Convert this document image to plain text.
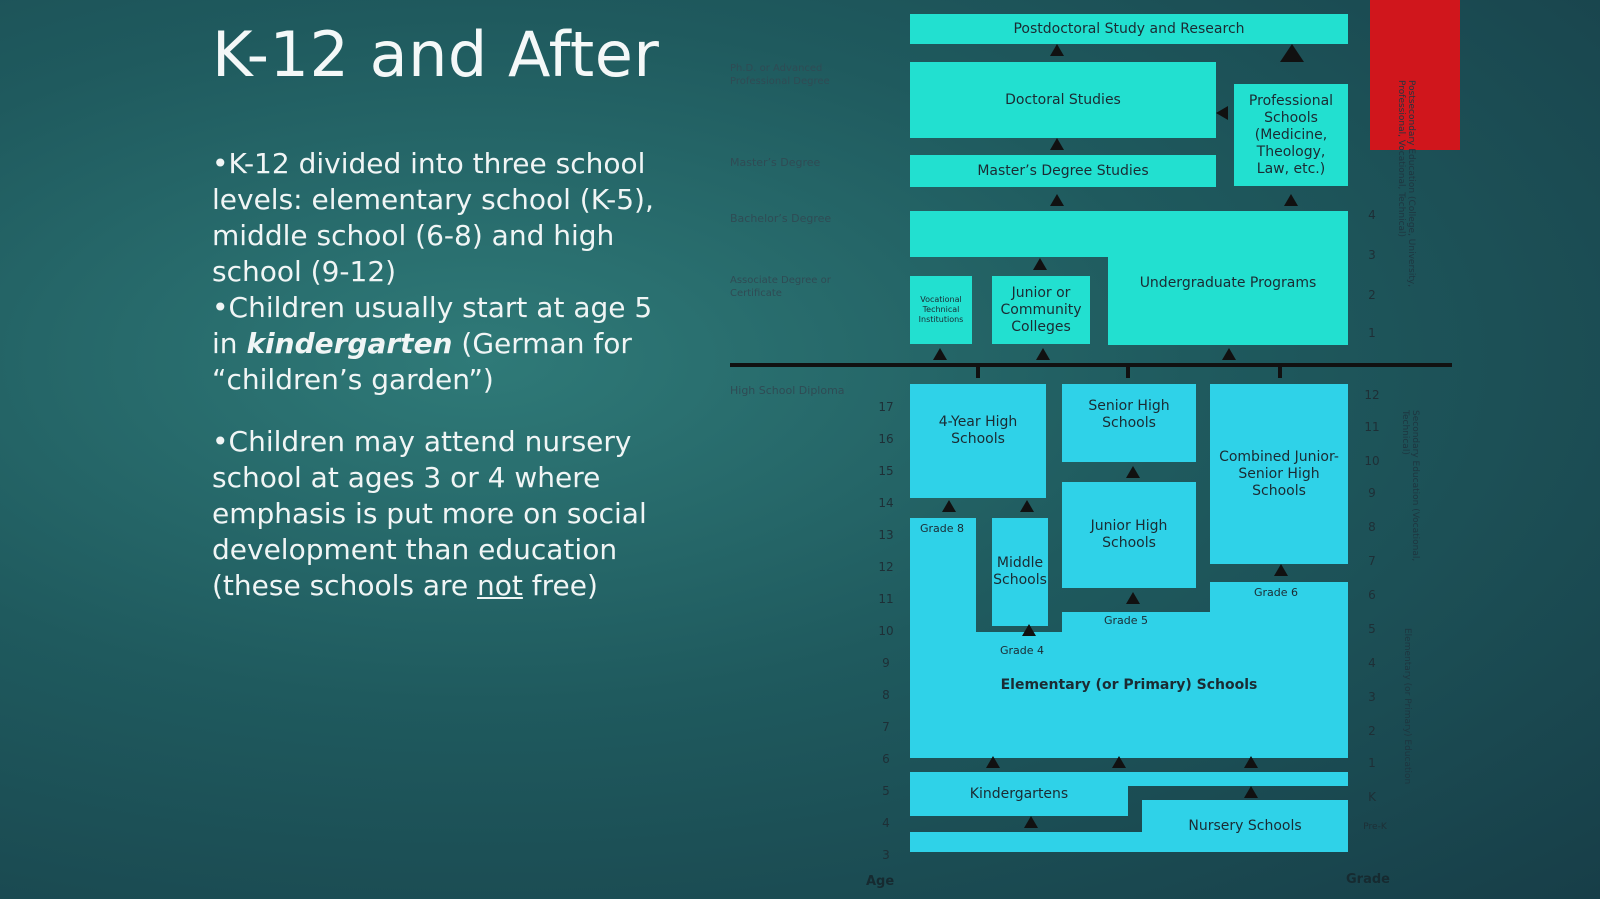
K-12 and After

•K-12 divided into three school levels: elementary school (K-5), middle school (6-8) and high school (9-12)

•Children usually start at age 5 in kindergarten (German for “children’s garden”)

•Children may attend nursery school at ages 3 or 4 where emphasis is put more on social development than education (these schools are not free)

Ph.D. or Advanced Professional Degree
Master’s Degree
Bachelor’s Degree
Associate Degree or Certificate
High School Diploma
Postdoctoral Study and Research
Doctoral Studies	Professional Schools (Medicine, Theology, Law, etc.)
Master’s Degree Studies
Undergraduate Programs
Vocational Technical Institutions
Junior or Community Colleges
4-Year High Schools
Senior High Schools
Combined Junior-Senior High Schools
Junior High Schools
Middle Schools
Elementary (or Primary) Schools
Kindergartens
Nursery Schools
Grade 8
Grade 4
Grade 5
Grade 6
17
16
15
14
13
12
11
10
9
8
7
6
5
4
3
12
11
10
9
8
7
6
5
4
3
2
1
K
Pre-K
4
3
2
1
Age	Grade
Postsecondary Education (College, University, Professional, Vocational, Technical)
Secondary Education (Vocational, Technical)
Elementary (or Primary) Education
